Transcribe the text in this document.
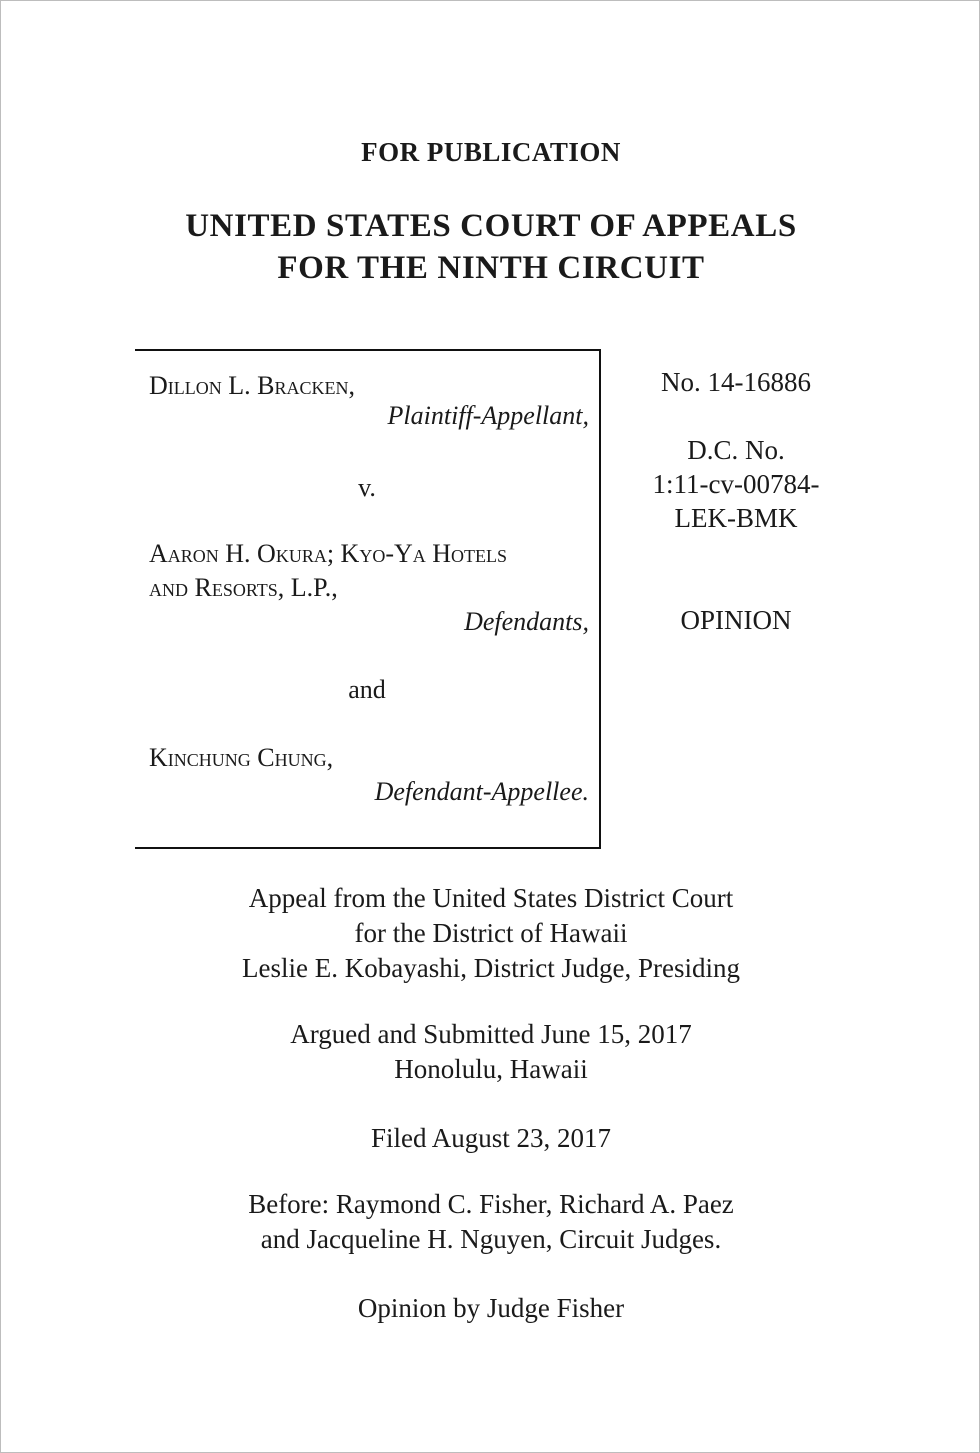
FOR PUBLICATION
UNITED STATES COURT OF APPEALS
FOR THE NINTH CIRCUIT
Dillon L. Bracken,
Plaintiff-Appellant,
v.
Aaron H. Okura; Kyo-Ya Hotels
and Resorts, L.P.,
Defendants,
and
Kinchung Chung,
Defendant-Appellee.
No. 14-16886
D.C. No.
1:11-cv-00784-
LEK-BMK
OPINION
Appeal from the United States District Court
for the District of Hawaii
Leslie E. Kobayashi, District Judge, Presiding
Argued and Submitted June 15, 2017
Honolulu, Hawaii
Filed August 23, 2017
Before: Raymond C. Fisher, Richard A. Paez
and Jacqueline H. Nguyen, Circuit Judges.
Opinion by Judge Fisher
